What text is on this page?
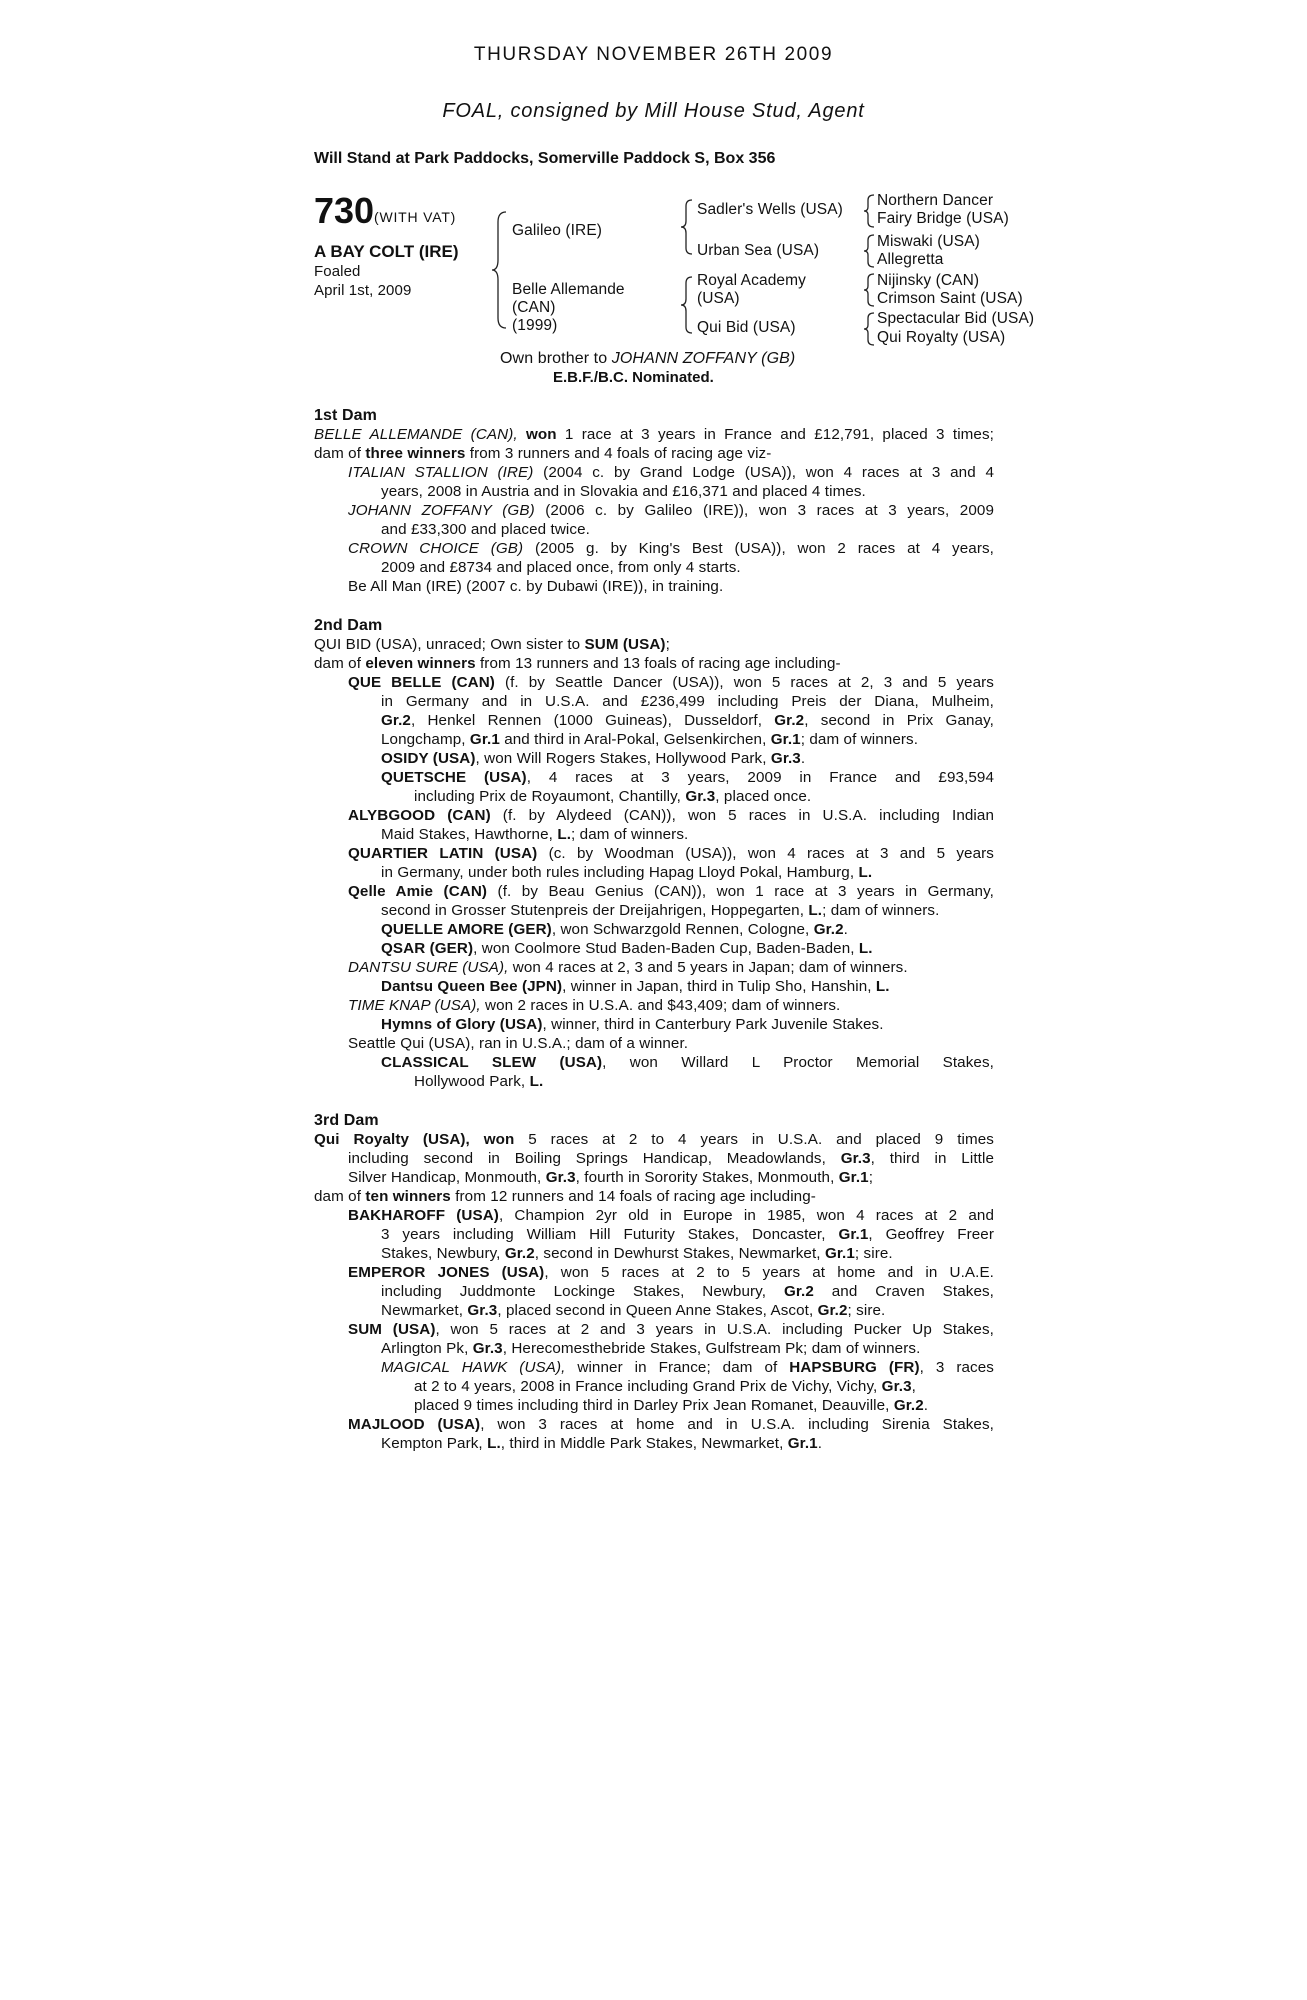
THURSDAY NOVEMBER 26TH 2009
FOAL, consigned by Mill House Stud, Agent
Will Stand at Park Paddocks, Somerville Paddock S, Box 356
730 (WITH VAT)
A BAY COLT (IRE)
Foaled
April 1st, 2009
Galileo (IRE)
Belle Allemande
(CAN)
(1999)
Sadler's Wells (USA)
Urban Sea (USA)
Royal Academy
(USA)
Qui Bid (USA)
Northern Dancer
Fairy Bridge (USA)
Miswaki (USA)
Allegretta
Nijinsky (CAN)
Crimson Saint (USA)
Spectacular Bid (USA)
Qui Royalty (USA)
Own brother to JOHANN ZOFFANY (GB)
E.B.F./B.C. Nominated.
1st Dam
BELLE ALLEMANDE (CAN), won 1 race at 3 years in France and £12,791, placed 3 times;
dam of three winners from 3 runners and 4 foals of racing age viz-
ITALIAN STALLION (IRE) (2004 c. by Grand Lodge (USA)), won 4 races at 3 and 4
years, 2008 in Austria and in Slovakia and £16,371 and placed 4 times.
JOHANN ZOFFANY (GB) (2006 c. by Galileo (IRE)), won 3 races at 3 years, 2009
and £33,300 and placed twice.
CROWN CHOICE (GB) (2005 g. by King's Best (USA)), won 2 races at 4 years,
2009 and £8734 and placed once, from only 4 starts.
Be All Man (IRE) (2007 c. by Dubawi (IRE)), in training.
2nd Dam
QUI BID (USA), unraced; Own sister to SUM (USA);
dam of eleven winners from 13 runners and 13 foals of racing age including-
QUE BELLE (CAN) (f. by Seattle Dancer (USA)), won 5 races at 2, 3 and 5 years
in Germany and in U.S.A. and £236,499 including Preis der Diana, Mulheim,
Gr.2, Henkel Rennen (1000 Guineas), Dusseldorf, Gr.2, second in Prix Ganay,
Longchamp, Gr.1 and third in Aral-Pokal, Gelsenkirchen, Gr.1; dam of winners.
OSIDY (USA), won Will Rogers Stakes, Hollywood Park, Gr.3.
QUETSCHE (USA), 4 races at 3 years, 2009 in France and £93,594
including Prix de Royaumont, Chantilly, Gr.3, placed once.
ALYBGOOD (CAN) (f. by Alydeed (CAN)), won 5 races in U.S.A. including Indian
Maid Stakes, Hawthorne, L.; dam of winners.
QUARTIER LATIN (USA) (c. by Woodman (USA)), won 4 races at 3 and 5 years
in Germany, under both rules including Hapag Lloyd Pokal, Hamburg, L.
Qelle Amie (CAN) (f. by Beau Genius (CAN)), won 1 race at 3 years in Germany,
second in Grosser Stutenpreis der Dreijahrigen, Hoppegarten, L.; dam of winners.
QUELLE AMORE (GER), won Schwarzgold Rennen, Cologne, Gr.2.
QSAR (GER), won Coolmore Stud Baden-Baden Cup, Baden-Baden, L.
DANTSU SURE (USA), won 4 races at 2, 3 and 5 years in Japan; dam of winners.
Dantsu Queen Bee (JPN), winner in Japan, third in Tulip Sho, Hanshin, L.
TIME KNAP (USA), won 2 races in U.S.A. and $43,409; dam of winners.
Hymns of Glory (USA), winner, third in Canterbury Park Juvenile Stakes.
Seattle Qui (USA), ran in U.S.A.; dam of a winner.
CLASSICAL SLEW (USA), won Willard L Proctor Memorial Stakes,
Hollywood Park, L.
3rd Dam
Qui Royalty (USA), won 5 races at 2 to 4 years in U.S.A. and placed 9 times
including second in Boiling Springs Handicap, Meadowlands, Gr.3, third in Little
Silver Handicap, Monmouth, Gr.3, fourth in Sorority Stakes, Monmouth, Gr.1;
dam of ten winners from 12 runners and 14 foals of racing age including-
BAKHAROFF (USA), Champion 2yr old in Europe in 1985, won 4 races at 2 and
3 years including William Hill Futurity Stakes, Doncaster, Gr.1, Geoffrey Freer
Stakes, Newbury, Gr.2, second in Dewhurst Stakes, Newmarket, Gr.1; sire.
EMPEROR JONES (USA), won 5 races at 2 to 5 years at home and in U.A.E.
including Juddmonte Lockinge Stakes, Newbury, Gr.2 and Craven Stakes,
Newmarket, Gr.3, placed second in Queen Anne Stakes, Ascot, Gr.2; sire.
SUM (USA), won 5 races at 2 and 3 years in U.S.A. including Pucker Up Stakes,
Arlington Pk, Gr.3, Herecomesthebride Stakes, Gulfstream Pk; dam of winners.
MAGICAL HAWK (USA), winner in France; dam of HAPSBURG (FR), 3 races
at 2 to 4 years, 2008 in France including Grand Prix de Vichy, Vichy, Gr.3,
placed 9 times including third in Darley Prix Jean Romanet, Deauville, Gr.2.
MAJLOOD (USA), won 3 races at home and in U.S.A. including Sirenia Stakes,
Kempton Park, L., third in Middle Park Stakes, Newmarket, Gr.1.
